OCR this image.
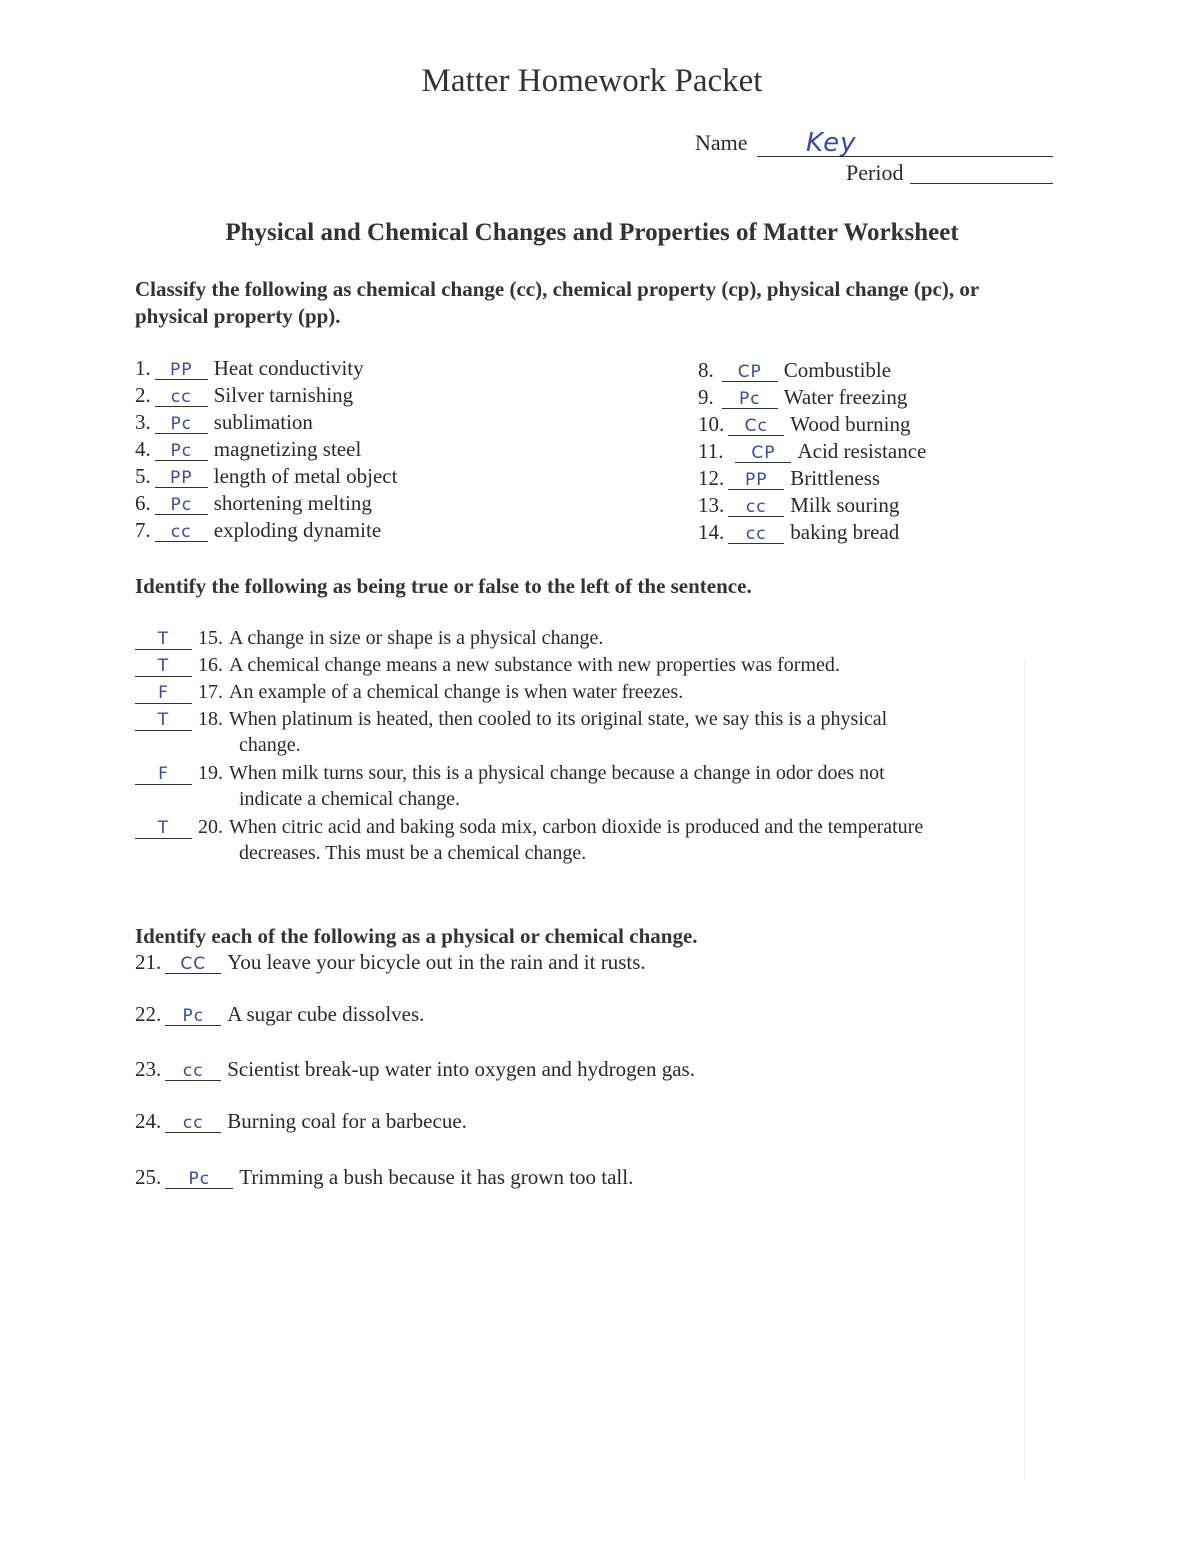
Matter Homework Packet
Name Key
Period
Physical and Chemical Changes and Properties of Matter Worksheet
Classify the following as chemical change (cc), chemical property (cp), physical change (pc), or physical property (pp).
1.	PP	Heat conductivity
2.	cc	Silver tarnishing
3.	Pc	sublimation
4.	Pc	magnetizing steel
5.	PP	length of metal object
6.	Pc	shortening melting
7.	cc	exploding dynamite
8.	CP	Combustible
9.	Pc	Water freezing
10.	Cc	Wood burning
11.	CP	Acid resistance
12.	PP	Brittleness
13.	cc	Milk souring
14.	cc	baking bread
Identify the following as being true or false to the left of the sentence.
T	15. A change in size or shape is a physical change.
T	16. A chemical change means a new substance with new properties was formed.
F	17. An example of a chemical change is when water freezes.
T	18. When platinum is heated, then cooled to its original state, we say this is a physical
change.
F	19. When milk turns sour, this is a physical change because a change in odor does not
indicate a chemical change.
T	20. When citric acid and baking soda mix, carbon dioxide is produced and the temperature
decreases. This must be a chemical change.
Identify each of the following as a physical or chemical change.
21.	CC	You leave your bicycle out in the rain and it rusts.
22.	Pc	A sugar cube dissolves.
23.	cc	Scientist break-up water into oxygen and hydrogen gas.
24.	cc	Burning coal for a barbecue.
25.	Pc	Trimming a bush because it has grown too tall.
